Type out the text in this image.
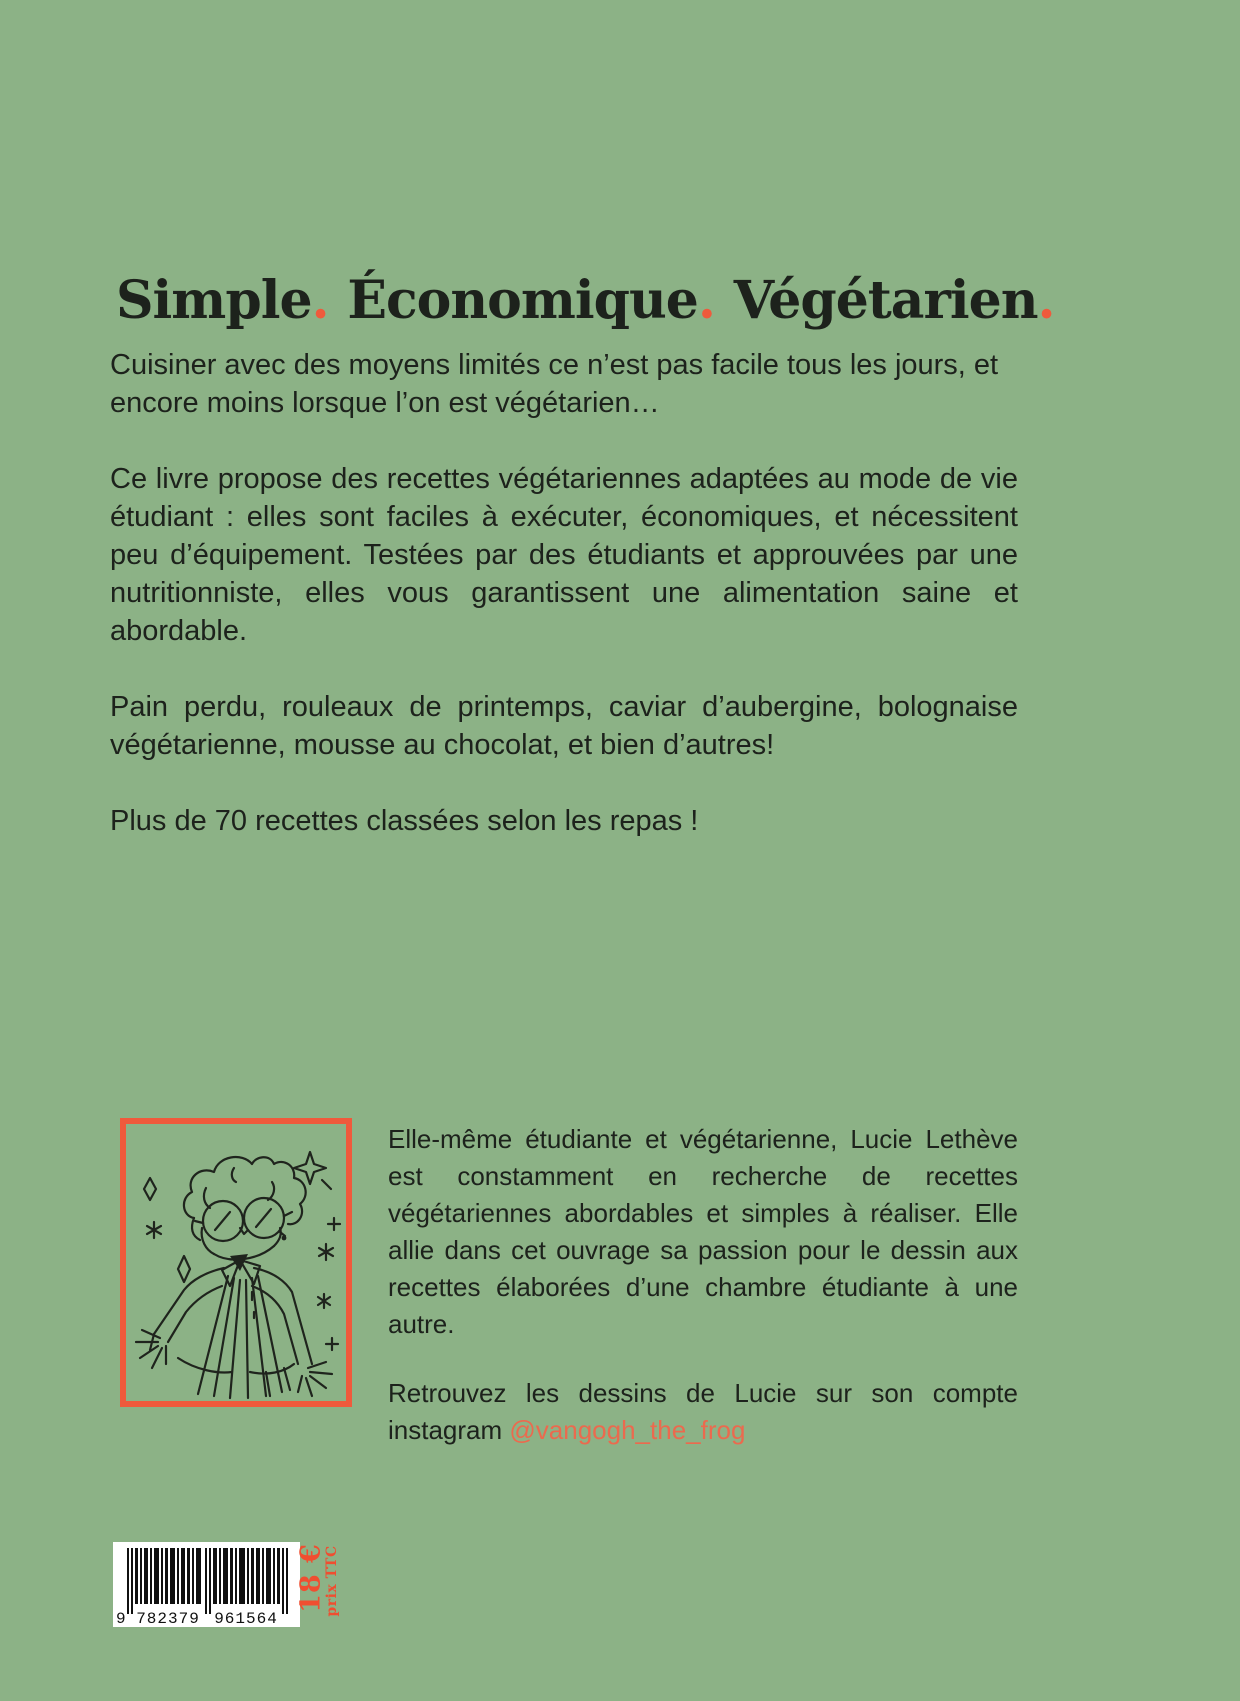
Simple. Économique. Végétarien.

Cuisiner avec des moyens limités ce n’est pas facile tous les jours, et encore moins lorsque l’on est végétarien…

Ce livre propose des recettes végétariennes adaptées au mode de vie étudiant : elles sont faciles à exécuter, économiques, et nécessitent peu d’équipement. Testées par des étudiants et approuvées par une nutritionniste, elles vous garantissent une alimentation saine et abordable.

Pain perdu, rouleaux de printemps, caviar d’aubergine, bolognaise végétarienne, mousse au chocolat, et bien d’autres!

Plus de 70 recettes classées selon les repas !

Elle-même étudiante et végétarienne, Lucie Lethève est constamment en recherche de recettes végétariennes abordables et simples à réaliser. Elle allie dans cet ouvrage sa passion pour le dessin aux recettes élaborées d’une chambre étudiante à une autre.

Retrouvez les dessins de Lucie sur son compte instagram @vangogh_the_frog

9 782379 961564
18 €
prix TTC
